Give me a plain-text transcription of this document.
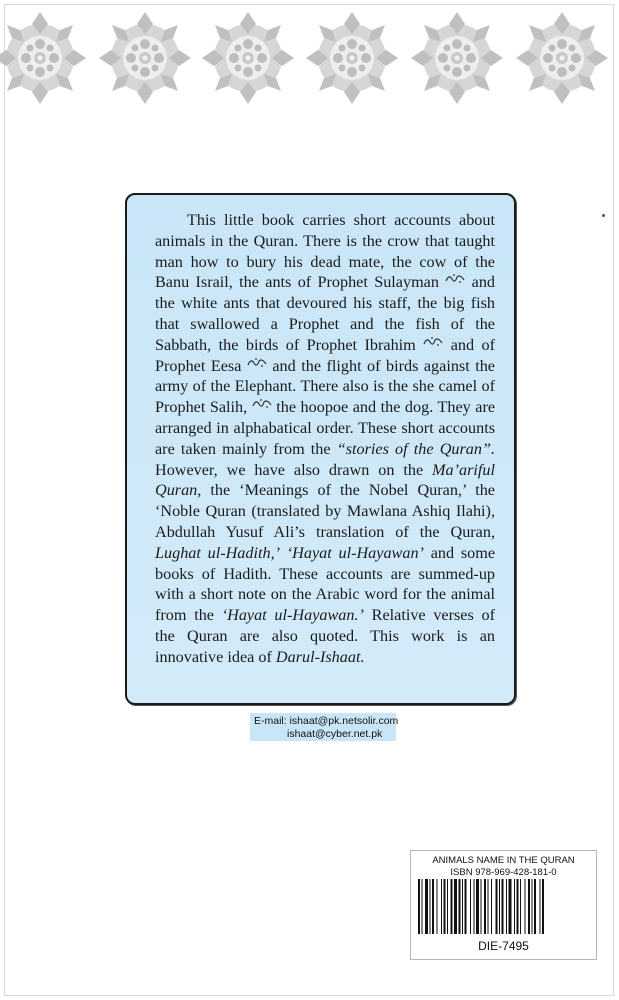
This little book carries short accounts about animals in the Quran. There is the crow that taught man how to bury his dead mate, the cow of the Banu Israil, the ants of Prophet Sulayman and the white ants that devoured his staff, the big fish that swallowed a Prophet and the fish of the Sabbath, the birds of Prophet Ibrahim and of Prophet Eesa and the flight of birds against the army of the Elephant. There also is the she camel of Prophet Salih, the hoopoe and the dog. They are arranged in alphabatical order. These short accounts are taken mainly from the “stories of the Quran”. However, we have also drawn on the Ma’ariful Quran, the ‘Meanings of the Nobel Quran,’ the ‘Noble Quran (translated by Mawlana Ashiq Ilahi), Abdullah Yusuf Ali’s translation of the Quran, Lughat ul-Hadith,’ ‘Hayat ul-Hayawan’ and some books of Hadith. These accounts are summed-up with a short note on the Arabic word for the animal from the ‘Hayat ul-Hayawan.’ Relative verses of the Quran are also quoted. This work is an innovative idea of Darul-Ishaat.

E-mail: ishaat@pk.netsolir.com
ishaat@cyber.net.pk
ANIMALS NAME IN THE QURAN
ISBN 978-969-428-181-0
DIE-7495
